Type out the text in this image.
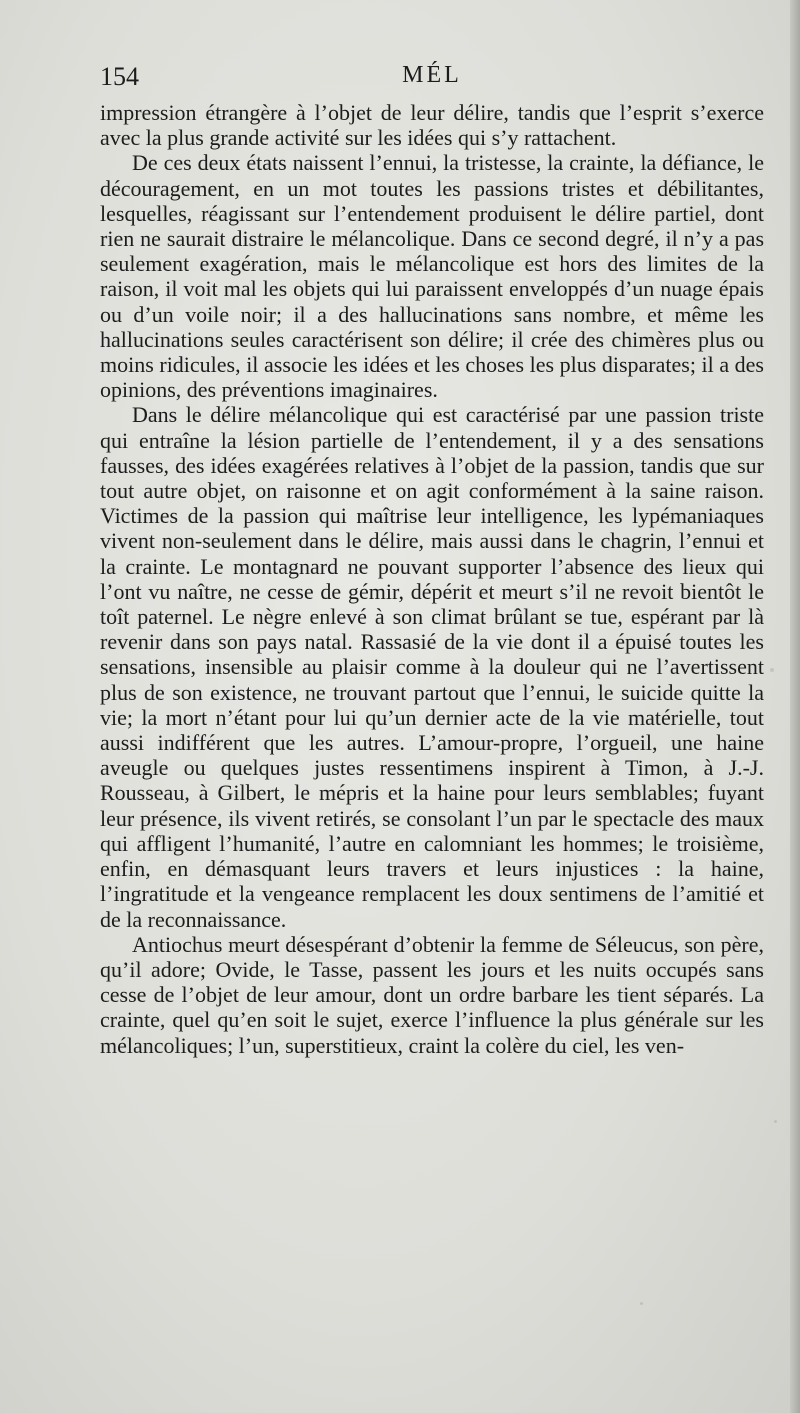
154	MÉL

impression étrangère à l’objet de leur délire, tandis que l’esprit s’exerce avec la plus grande activité sur les idées qui s’y rattachent.

De ces deux états naissent l’ennui, la tristesse, la crainte, la défiance, le découragement, en un mot toutes les passions tristes et débilitantes, lesquelles, réagissant sur l’entendement produisent le délire partiel, dont rien ne saurait distraire le mélancolique. Dans ce second degré, il n’y a pas seulement exagération, mais le mélancolique est hors des limites de la raison, il voit mal les objets qui lui paraissent enveloppés d’un nuage épais ou d’un voile noir; il a des hallucinations sans nombre, et même les hallucinations seules caractérisent son délire; il crée des chimères plus ou moins ridicules, il associe les idées et les choses les plus disparates; il a des opinions, des préventions imaginaires.

Dans le délire mélancolique qui est caractérisé par une passion triste qui entraîne la lésion partielle de l’entendement, il y a des sensations fausses, des idées exagérées relatives à l’objet de la passion, tandis que sur tout autre objet, on raisonne et on agit conformément à la saine raison. Victimes de la passion qui maîtrise leur intelligence, les lypémaniaques vivent non-seulement dans le délire, mais aussi dans le chagrin, l’ennui et la crainte. Le montagnard ne pouvant supporter l’absence des lieux qui l’ont vu naître, ne cesse de gémir, dépérit et meurt s’il ne revoit bientôt le toît paternel. Le nègre enlevé à son climat brûlant se tue, espérant par là revenir dans son pays natal. Rassasié de la vie dont il a épuisé toutes les sensations, insensible au plaisir comme à la douleur qui ne l’avertissent plus de son existence, ne trouvant partout que l’ennui, le suicide quitte la vie; la mort n’étant pour lui qu’un dernier acte de la vie matérielle, tout aussi indifférent que les autres. L’amour-propre, l’orgueil, une haine aveugle ou quelques justes ressentimens inspirent à Timon, à J.-J. Rousseau, à Gilbert, le mépris et la haine pour leurs semblables; fuyant leur présence, ils vivent retirés, se consolant l’un par le spectacle des maux qui affligent l’humanité, l’autre en calomniant les hommes; le troisième, enfin, en démasquant leurs travers et leurs injustices : la haine, l’ingratitude et la vengeance remplacent les doux sentimens de l’amitié et de la reconnaissance.

Antiochus meurt désespérant d’obtenir la femme de Séleucus, son père, qu’il adore; Ovide, le Tasse, passent les jours et les nuits occupés sans cesse de l’objet de leur amour, dont un ordre barbare les tient séparés. La crainte, quel qu’en soit le sujet, exerce l’influence la plus générale sur les mélancoliques; l’un, superstitieux, craint la colère du ciel, les ven-
